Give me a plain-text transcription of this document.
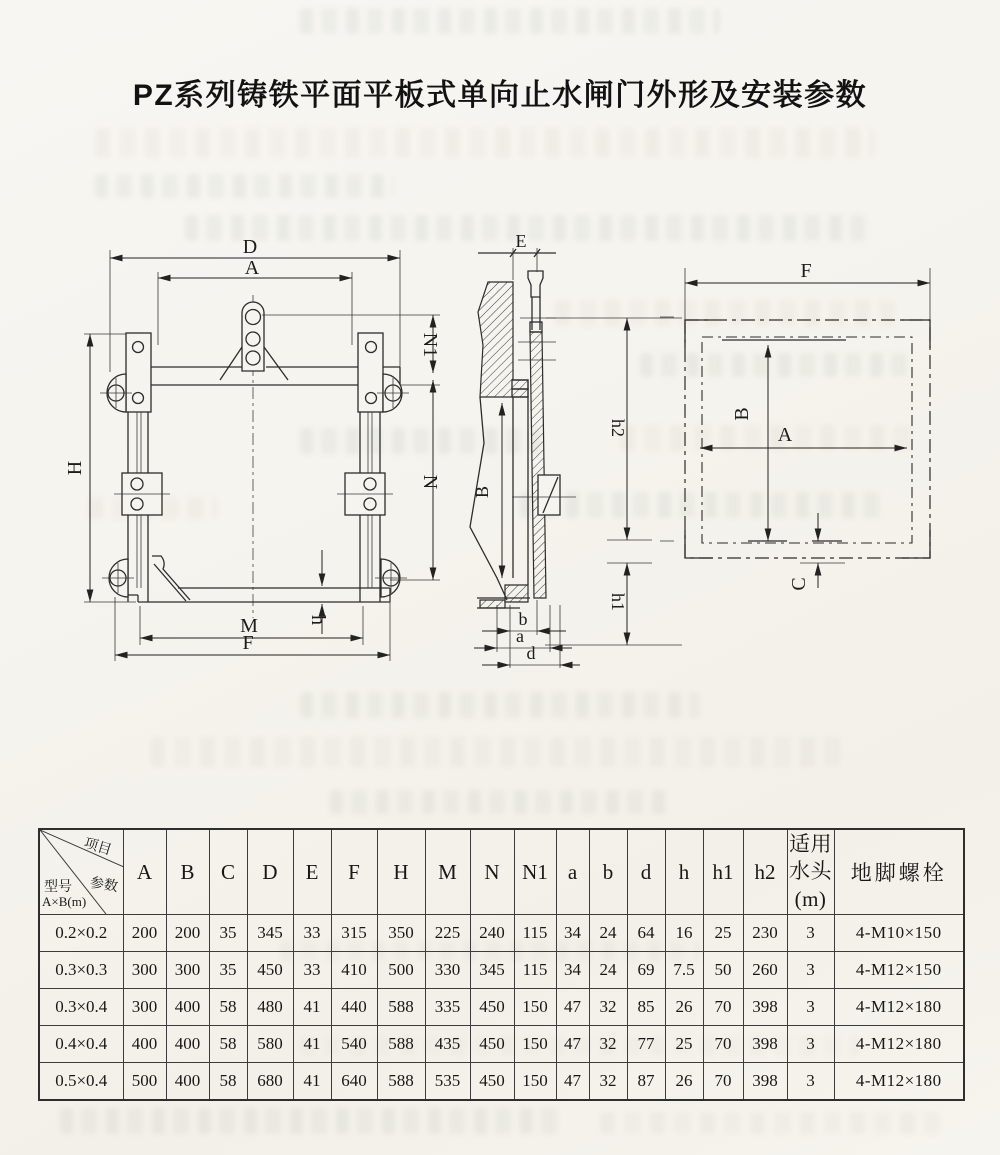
PZ系列铸铁平面平板式单向止水闸门外形及安装参数
D
A
N1
N
H
h
M
F
E
B
h2
h1
b
a
d
F
B
A
C
项目
参数
型号
A×B(m)	A	B	C	D	E	F	H	M	N	N1	a	b	d	h	h1	h2	适用水头(m)	地脚螺栓
0.2×0.2	200	200	35	345	33	315	350	225	240	115	34	24	64	16	25	230	3	4-M10×150
0.3×0.3	300	300	35	450	33	410	500	330	345	115	34	24	69	7.5	50	260	3	4-M12×150
0.3×0.4	300	400	58	480	41	440	588	335	450	150	47	32	85	26	70	398	3	4-M12×180
0.4×0.4	400	400	58	580	41	540	588	435	450	150	47	32	77	25	70	398	3	4-M12×180
0.5×0.4	500	400	58	680	41	640	588	535	450	150	47	32	87	26	70	398	3	4-M12×180
